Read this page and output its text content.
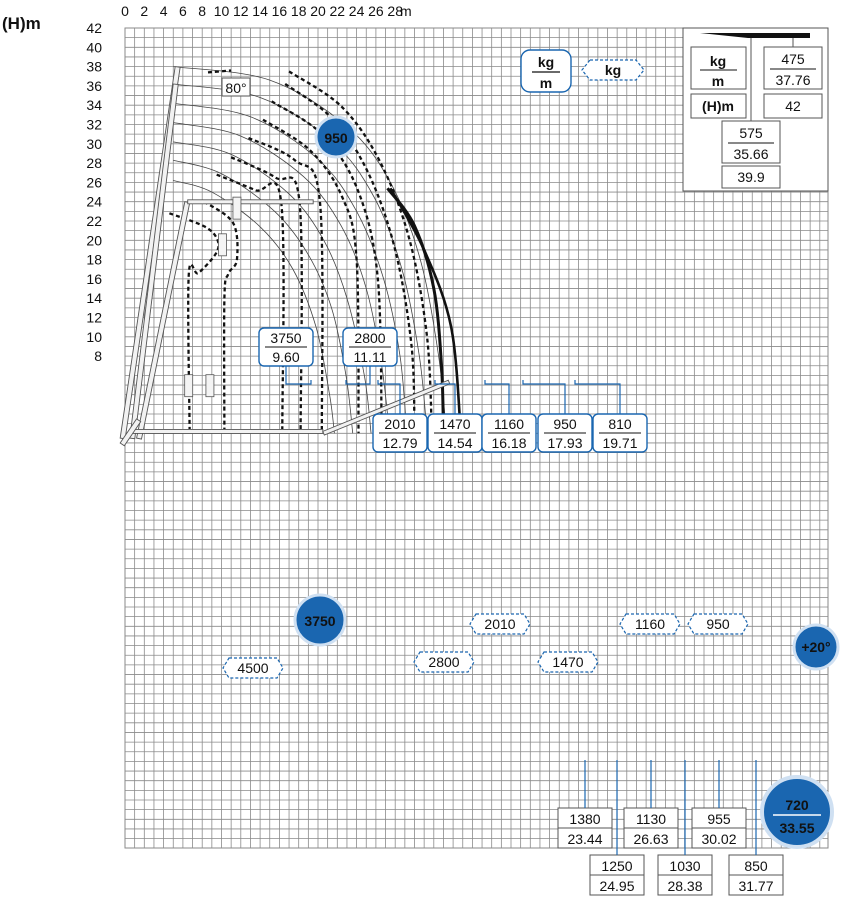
(H)m
0 2 4 6 8 10 12 14 16 18 20 22 24 26 28
m
42
40
38
36
34
32
30
28
26
24
22
20
18
16
14
12
10
8
80°
3750
9.60
2800
11.11
2010
12.79
1470
14.54
1160
16.18
950
17.93
810
19.71
4500	2800
2010
1470
1160	950
950
3750
+20°
720
33.55
1380
23.44
1250
24.95
1130
26.63
1030
28.38
955
30.02
850
31.77
kg
m
kg
kg
m
(H)m
475
37.76
42
575
35.66
39.9
